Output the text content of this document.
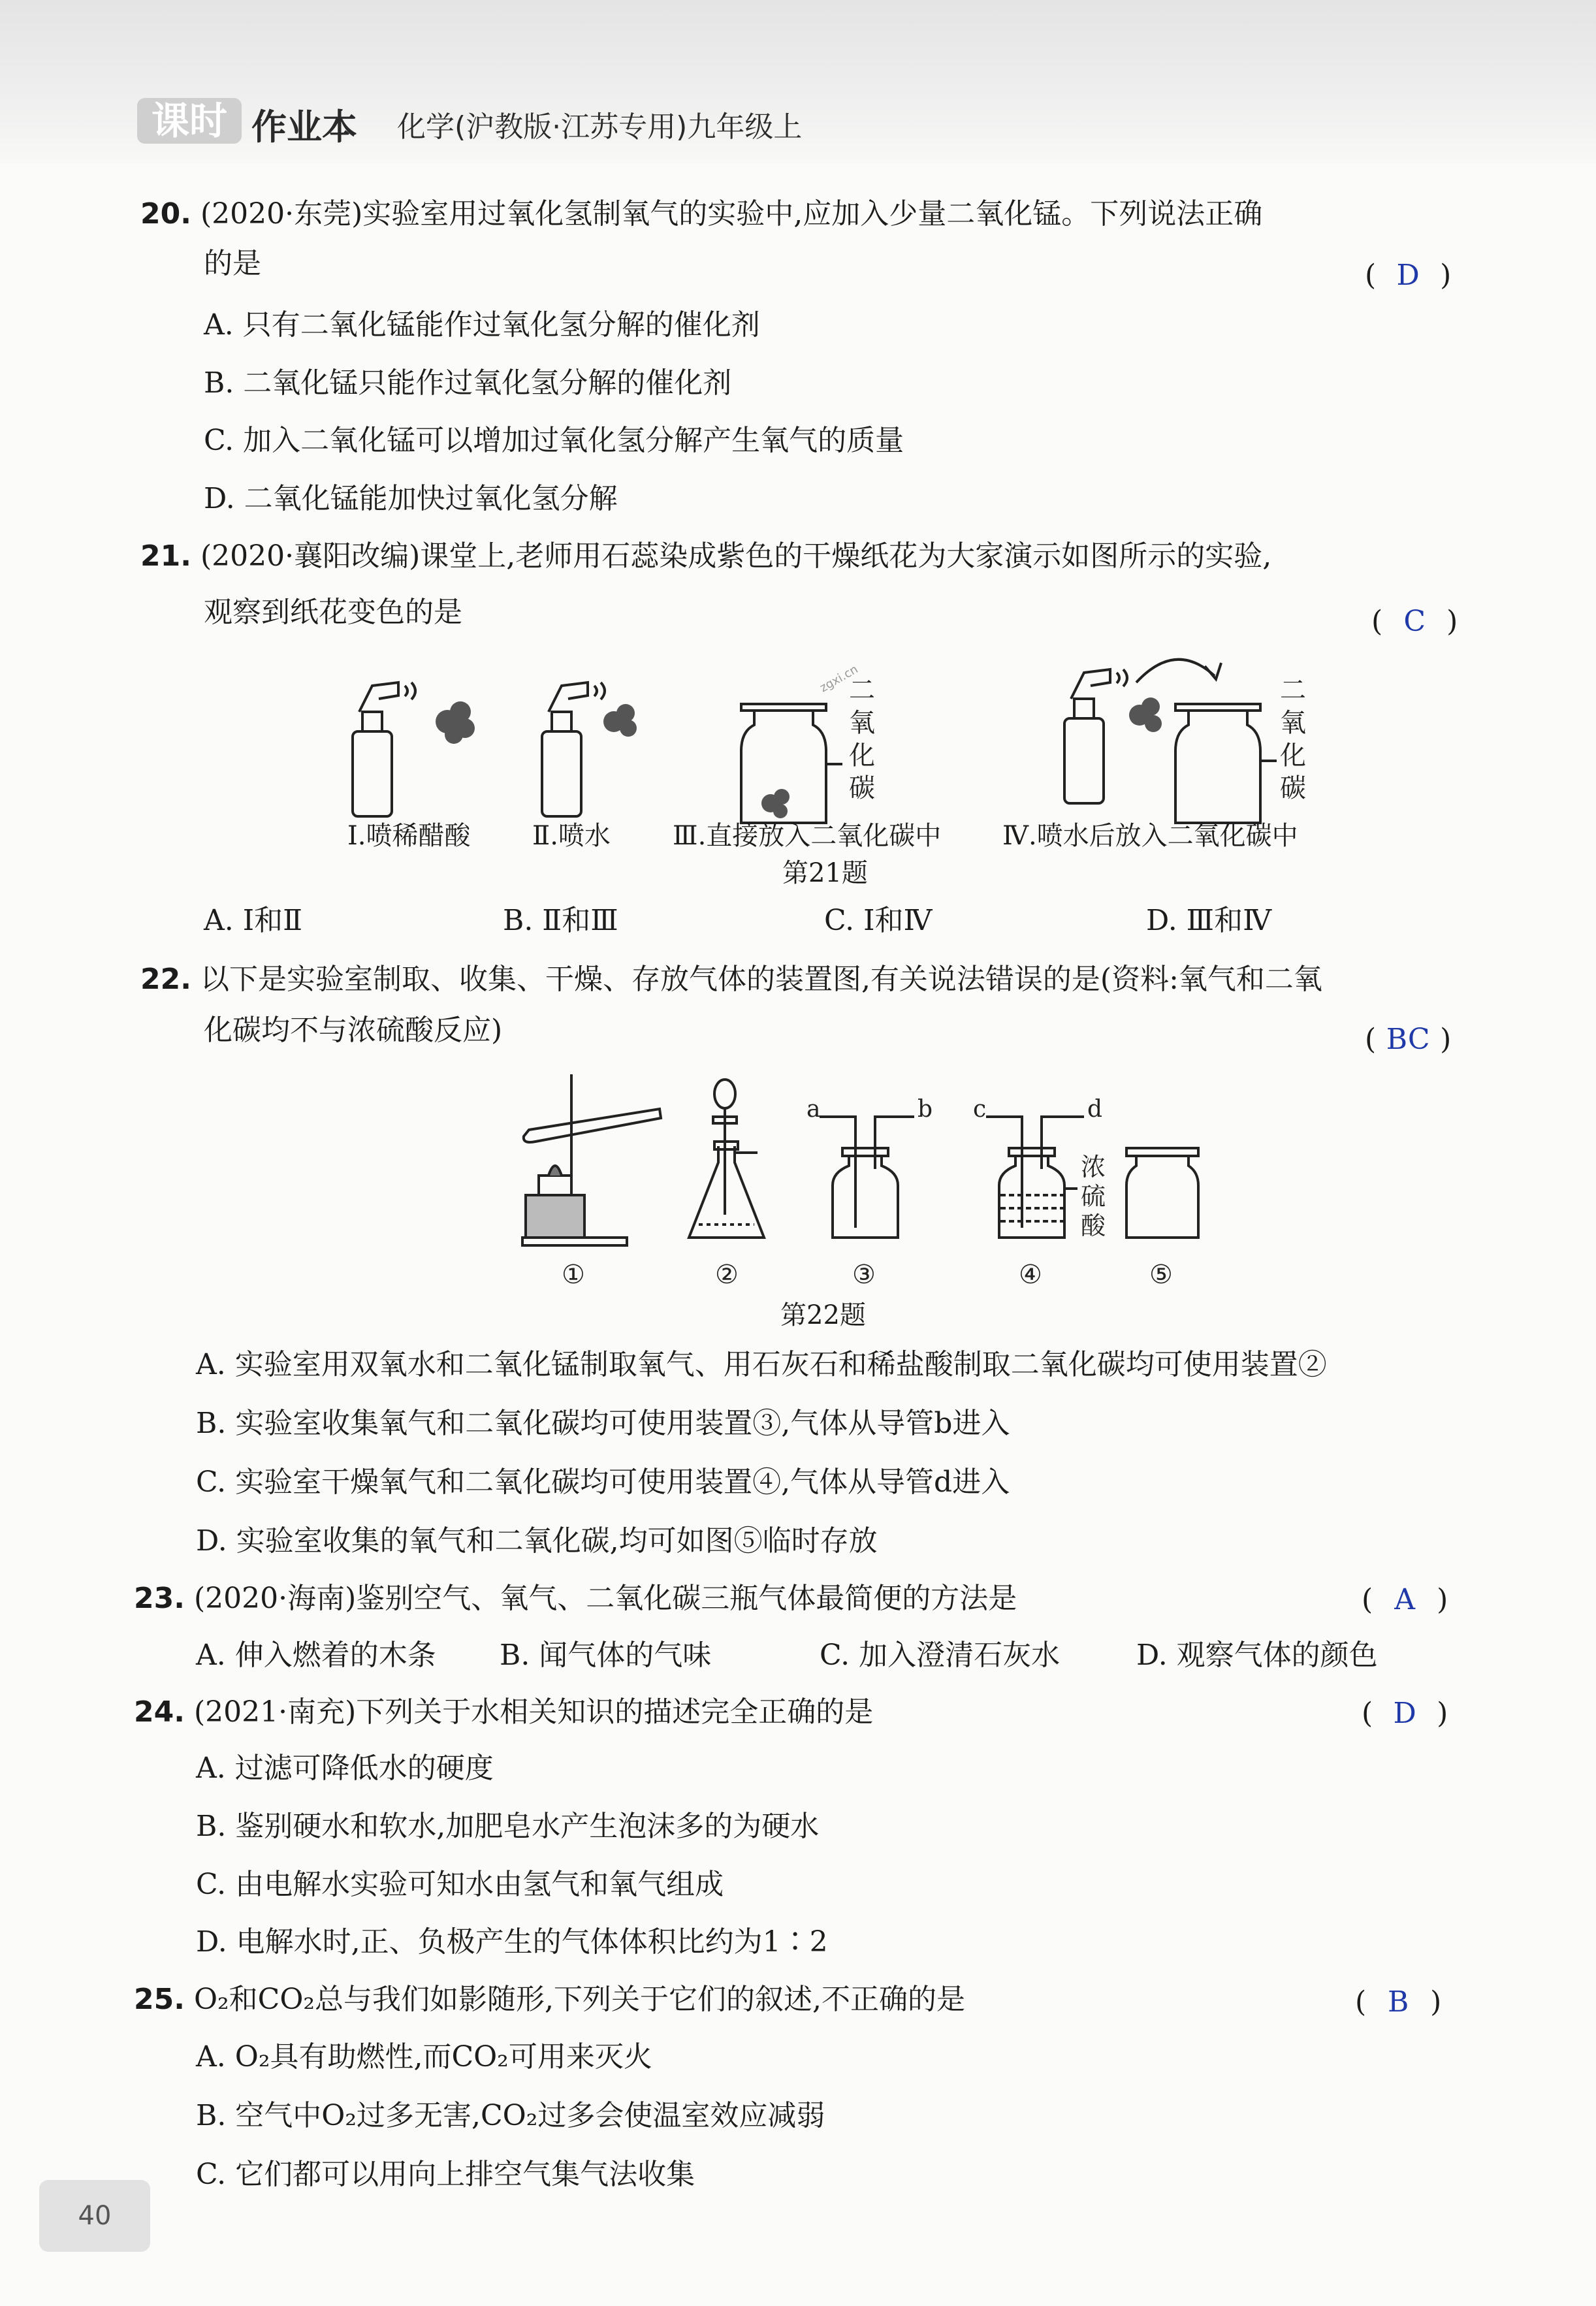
课时 作业本 化学(沪教版·江苏专用)九年级上
20. (2020·东莞)实验室用过氧化氢制氧气的实验中,应加入少量二氧化锰。下列说法正确
的是	( D )
A. 只有二氧化锰能作过氧化氢分解的催化剂
B. 二氧化锰只能作过氧化氢分解的催化剂
C. 加入二氧化锰可以增加过氧化氢分解产生氧气的质量
D. 二氧化锰能加快过氧化氢分解
21. (2020·襄阳改编)课堂上,老师用石蕊染成紫色的干燥纸花为大家演示如图所示的实验,
观察到纸花变色的是	( C )
zgxi.cn
二
氧
化
碳
二
氧
化
碳
Ⅰ.喷稀醋酸 Ⅱ.喷水 Ⅲ.直接放入二氧化碳中 Ⅳ.喷水后放入二氧化碳中
第21题
A. Ⅰ和Ⅱ	B. Ⅱ和Ⅲ	C. Ⅰ和Ⅳ	D. Ⅲ和Ⅳ
22. 以下是实验室制取、收集、干燥、存放气体的装置图,有关说法错误的是(资料:氧气和二氧
化碳均不与浓硫酸反应)	( BC )
a	b c	d
浓
硫
酸
①	②	③	④	⑤
第22题
A. 实验室用双氧水和二氧化锰制取氧气、用石灰石和稀盐酸制取二氧化碳均可使用装置②
B. 实验室收集氧气和二氧化碳均可使用装置③,气体从导管b进入
C. 实验室干燥氧气和二氧化碳均可使用装置④,气体从导管d进入
D. 实验室收集的氧气和二氧化碳,均可如图⑤临时存放
23. (2020·海南)鉴别空气、氧气、二氧化碳三瓶气体最简便的方法是	( A )
A. 伸入燃着的木条 B. 闻气体的气味	C. 加入澄清石灰水	D. 观察气体的颜色
24. (2021·南充)下列关于水相关知识的描述完全正确的是	( D )
A. 过滤可降低水的硬度
B. 鉴别硬水和软水,加肥皂水产生泡沫多的为硬水
C. 由电解水实验可知水由氢气和氧气组成
D. 电解水时,正、负极产生的气体体积比约为1∶2
25. O₂和CO₂总与我们如影随形,下列关于它们的叙述,不正确的是	( B )
A. O₂具有助燃性,而CO₂可用来灭火
B. 空气中O₂过多无害,CO₂过多会使温室效应减弱
C. 它们都可以用向上排空气集气法收集
40
